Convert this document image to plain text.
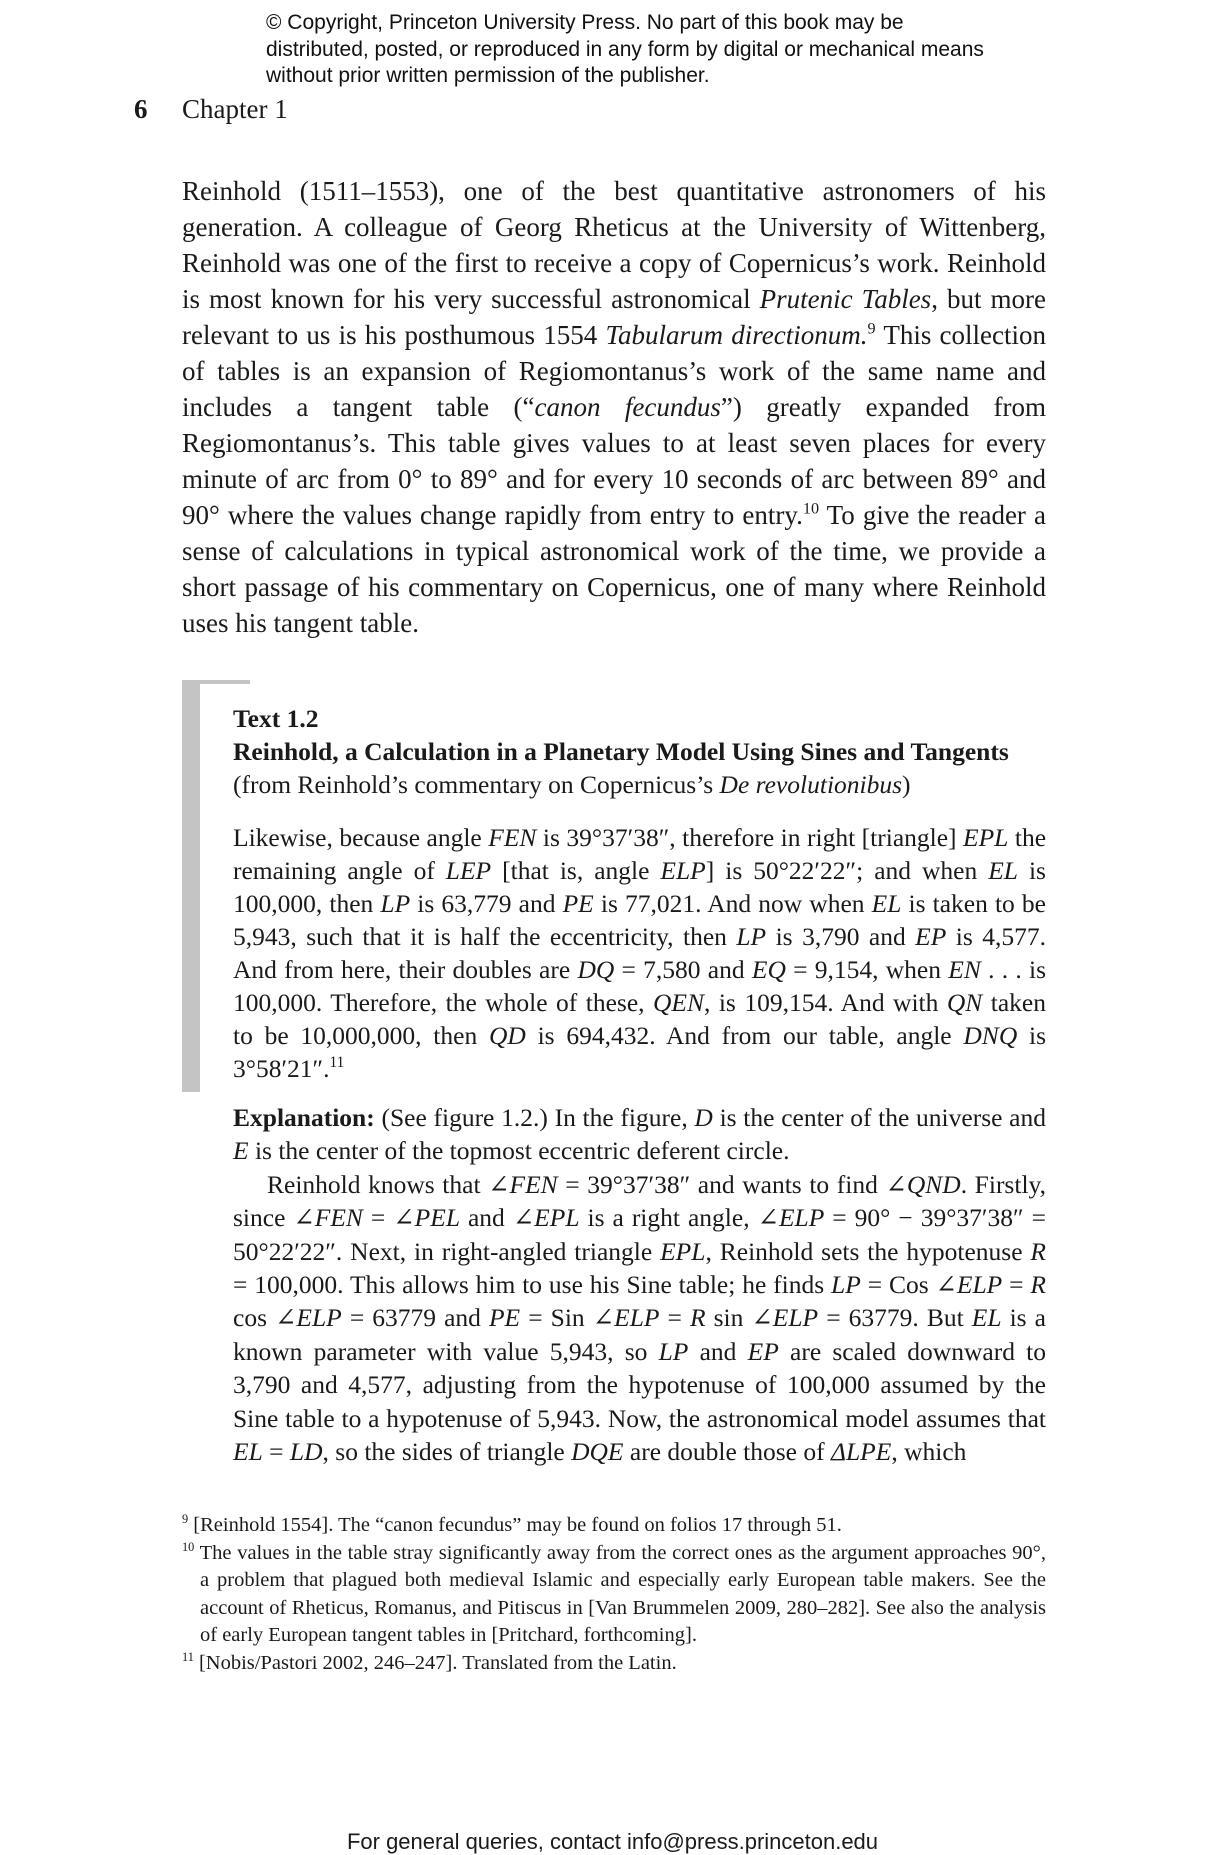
© Copyright, Princeton University Press. No part of this book may be distributed, posted, or reproduced in any form by digital or mechanical means without prior written permission of the publisher.
6 Chapter 1

Reinhold (1511–1553), one of the best quantitative astronomers of his generation. A colleague of Georg Rheticus at the University of Wittenberg, Reinhold was one of the first to receive a copy of Copernicus’s work. Reinhold is most known for his very successful astronomical Prutenic Tables, but more relevant to us is his posthumous 1554 Tabularum directionum.$^9$ This collection of tables is an expansion of Regiomontanus’s work of the same name and includes a tangent table (“canon fecundus”) greatly expanded from Regiomontanus’s. This table gives values to at least seven places for every minute of arc from 0° to 89° and for every 10 seconds of arc between 89° and 90° where the values change rapidly from entry to entry.$^{10}$ To give the reader a sense of calculations in typical astronomical work of the time, we provide a short passage of his commentary on Copernicus, one of many where Reinhold uses his tangent table.

Text 1.2
Reinhold, a Calculation in a Planetary Model Using Sines and Tangents
(from Reinhold’s commentary on Copernicus’s De revolutionibus)

Likewise, because angle FEN is 39°37′38″, therefore in right [triangle] EPL the remaining angle of LEP [that is, angle ELP] is 50°22′22″; and when EL is 100,000, then LP is 63,779 and PE is 77,021. And now when EL is taken to be 5,943, such that it is half the eccentricity, then LP is 3,790 and EP is 4,577. And from here, their doubles are DQ = 7,580 and EQ = 9,154, when EN . . . is 100,000. Therefore, the whole of these, QEN, is 109,154. And with QN taken to be 10,000,000, then QD is 694,432. And from our table, angle DNQ is 3°58′21″.$^{11}$

Explanation: (See figure 1.2.) In the figure, D is the center of the universe and E is the center of the topmost eccentric deferent circle.

Reinhold knows that ∠FEN = 39°37′38″ and wants to find ∠QND. Firstly, since ∠FEN = ∠PEL and ∠EPL is a right angle, ∠ELP = 90° − 39°37′38″ = 50°22′22″. Next, in right-angled triangle EPL, Reinhold sets the hypotenuse R = 100,000. This allows him to use his Sine table; he finds LP = Cos ∠ELP = R cos ∠ELP = 63779 and PE = Sin ∠ELP = R sin ∠ELP = 63779. But EL is a known parameter with value 5,943, so LP and EP are scaled downward to 3,790 and 4,577, adjusting from the hypotenuse of 100,000 assumed by the Sine table to a hypotenuse of 5,943. Now, the astronomical model assumes that EL = LD, so the sides of triangle DQE are double those of ΔLPE, which

$^9$ [Reinhold 1554]. The “canon fecundus” may be found on folios 17 through 51.

$^{10}$ The values in the table stray significantly away from the correct ones as the argument approaches 90°, a problem that plagued both medieval Islamic and especially early European table makers. See the account of Rheticus, Romanus, and Pitiscus in [Van Brummelen 2009, 280–282]. See also the analysis of early European tangent tables in [Pritchard, forthcoming].

$^{11}$ [Nobis/Pastori 2002, 246–247]. Translated from the Latin.

For general queries, contact info@press.princeton.edu
